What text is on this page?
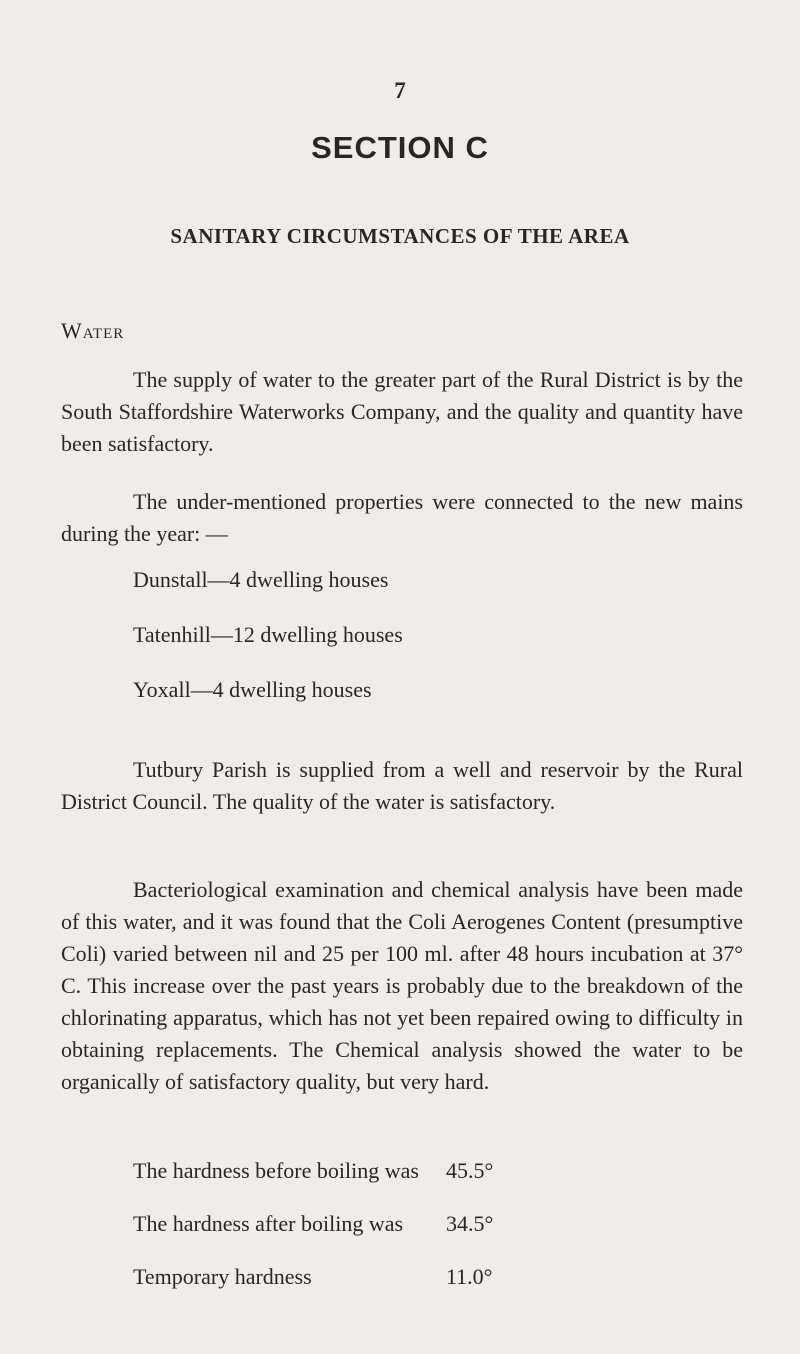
7
SECTION C
SANITARY CIRCUMSTANCES OF THE AREA
Water

The supply of water to the greater part of the Rural District is by the South Staffordshire Waterworks Company, and the quality and quantity have been satisfactory.

The under-mentioned properties were connected to the new mains during the year: —

Dunstall—4 dwelling houses
Tatenhill—12 dwelling houses
Yoxall—4 dwelling houses

Tutbury Parish is supplied from a well and reservoir by the Rural District Council. The quality of the water is satisfactory.

Bacteriological examination and chemical analysis have been made of this water, and it was found that the Coli Aerogenes Content (presumptive Coli) varied between nil and 25 per 100 ml. after 48 hours incubation at 37° C. This increase over the past years is probably due to the breakdown of the chlorinating apparatus, which has not yet been repaired owing to difficulty in obtaining replacements. The Chemical analysis showed the water to be organically of satisfactory quality, but very hard.

The hardness before boiling was 45.5°
The hardness after boiling was 34.5°
Temporary hardness	11.0°
